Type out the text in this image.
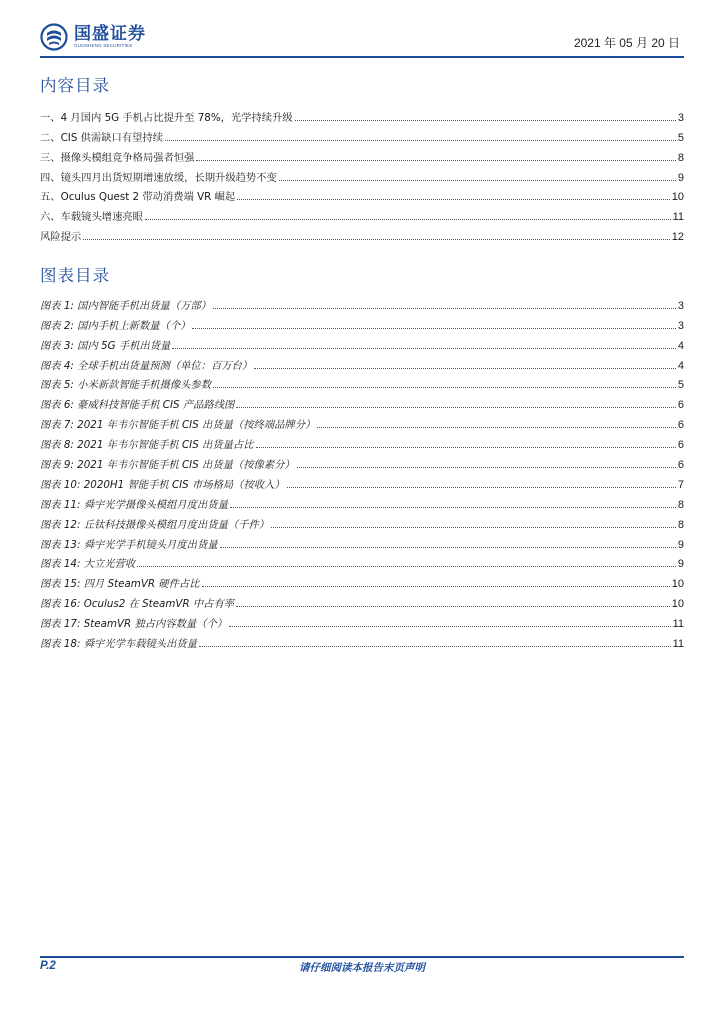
国盛证券
GUOSHENG SECURITIES	2021 年 05 月 20 日
内容目录
一、4 月国内 5G 手机占比提升至 78%，光学持续升级	3
二、CIS 供需缺口有望持续	5
三、摄像头模组竞争格局强者恒强	8
四、镜头四月出货短期增速放缓，长期升级趋势不变	9
五、Oculus Quest 2 带动消费端 VR 崛起	10
六、车载镜头增速亮眼	11
风险提示	12
图表目录
图表 1: 国内智能手机出货量（万部）	3
图表 2: 国内手机上新数量（个）	3
图表 3: 国内 5G 手机出货量	4
图表 4: 全球手机出货量预测（单位：百万台）	4
图表 5: 小米新款智能手机摄像头参数	5
图表 6: 豪威科技智能手机 CIS 产品路线图	6
图表 7: 2021 年韦尔智能手机 CIS 出货量（按终端品牌分）	6
图表 8: 2021 年韦尔智能手机 CIS 出货量占比	6
图表 9: 2021 年韦尔智能手机 CIS 出货量（按像素分）	6
图表 10: 2020H1 智能手机 CIS 市场格局（按收入）	7
图表 11: 舜宇光学摄像头模组月度出货量	8
图表 12: 丘钛科技摄像头模组月度出货量（千件）	8
图表 13: 舜宇光学手机镜头月度出货量	9
图表 14: 大立光营收	9
图表 15: 四月 SteamVR 硬件占比	10
图表 16: Oculus2 在 SteamVR 中占有率	10
图表 17: SteamVR 独占内容数量（个）	11
图表 18: 舜宇光学车载镜头出货量	11
P.2	请仔细阅读本报告末页声明
